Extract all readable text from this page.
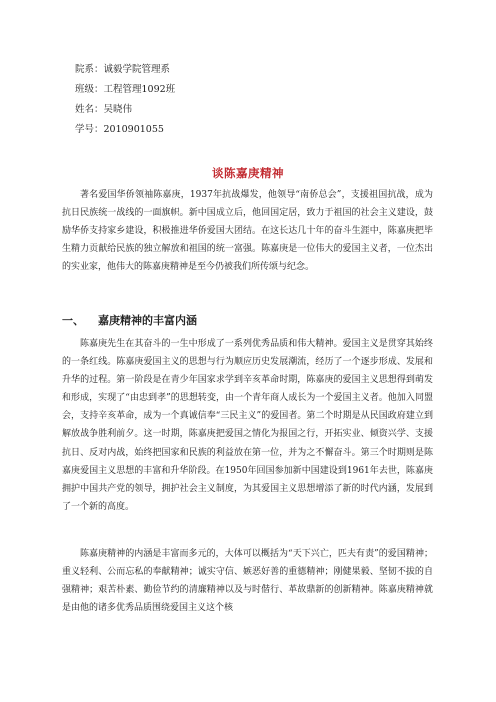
院系：诚毅学院管理系
班级：工程管理1092班
姓名：吴晓伟
学号：2010901055
谈陈嘉庚精神

著名爱国华侨领袖陈嘉庚，1937年抗战爆发，他领导“南侨总会”，支援祖国抗战，成为抗日民族统一战线的一面旗帜。新中国成立后，他回国定居，致力于祖国的社会主义建设，鼓励华侨支持家乡建设，积极推进华侨爱国大团结。在这长达几十年的奋斗生涯中，陈嘉庚把毕生精力贡献给民族的独立解放和祖国的统一富强。陈嘉庚是一位伟大的爱国主义者，一位杰出的实业家，他伟大的陈嘉庚精神是至今仍被我们所传颂与纪念。

一、 嘉庚精神的丰富内涵

陈嘉庚先生在其奋斗的一生中形成了一系列优秀品质和伟大精神。爱国主义是贯穿其始终的一条红线。陈嘉庚爱国主义的思想与行为顺应历史发展潮流，经历了一个逐步形成、发展和升华的过程。第一阶段是在青少年国家求学到辛亥革命时期，陈嘉庚的爱国主义思想得到萌发和形成，实现了“由忠到孝”的思想转变，由一个青年商人成长为一个爱国主义者。他加入同盟会，支持辛亥革命，成为一个真诚信奉“三民主义”的爱国者。第二个时期是从民国政府建立到解放战争胜利前夕。这一时期，陈嘉庚把爱国之情化为报国之行，开拓实业、倾资兴学、支援抗日、反对内战，始终把国家和民族的利益放在第一位，并为之不懈奋斗。第三个时期则是陈嘉庚爱国主义思想的丰富和升华阶段。在1950年回国参加新中国建设到1961年去世，陈嘉庚拥护中国共产党的领导，拥护社会主义制度，为其爱国主义思想增添了新的时代内涵，发展到了一个新的高度。

陈嘉庚精神的内涵是丰富而多元的，大体可以概括为“天下兴亡，匹夫有责”的爱国精神；重义轻利、公而忘私的奉献精神；诚实守信、嫉恶好善的重德精神；刚健果毅、坚韧不拔的自强精神；艰苦朴素、勤俭节约的清廉精神以及与时偕行、革故鼎新的创新精神。陈嘉庚精神就是由他的诸多优秀品质围绕爱国主义这个核
